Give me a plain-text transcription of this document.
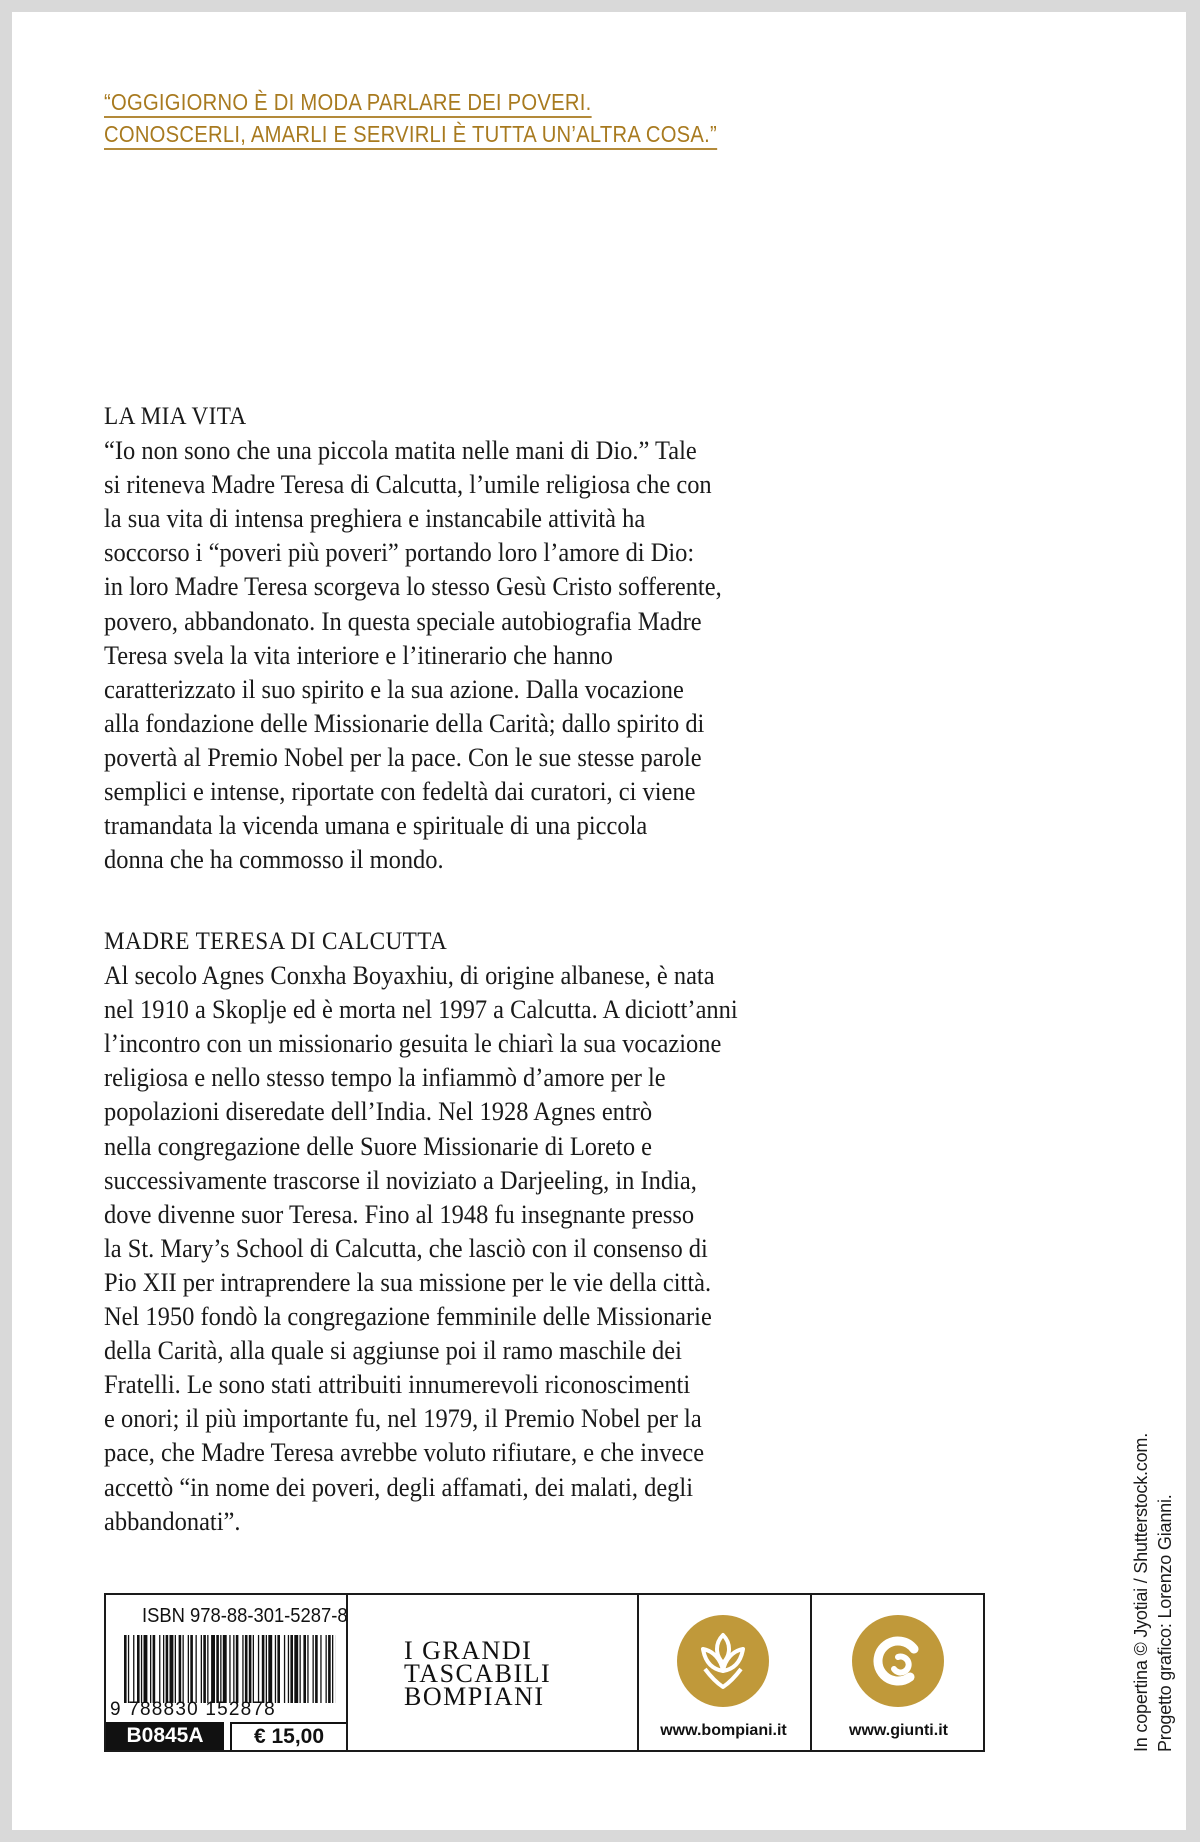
“OGGIGIORNO È DI MODA PARLARE DEI POVERI.
CONOSCERLI, AMARLI E SERVIRLI È TUTTA UN’ALTRA COSA.”
LA MIA VITA
“Io non sono che una piccola matita nelle mani di Dio.” Tale
si riteneva Madre Teresa di Calcutta, l’umile religiosa che con
la sua vita di intensa preghiera e instancabile attività ha
soccorso i “poveri più poveri” portando loro l’amore di Dio:
in loro Madre Teresa scorgeva lo stesso Gesù Cristo sofferente,
povero, abbandonato. In questa speciale autobiografia Madre
Teresa svela la vita interiore e l’itinerario che hanno
caratterizzato il suo spirito e la sua azione. Dalla vocazione
alla fondazione delle Missionarie della Carità; dallo spirito di
povertà al Premio Nobel per la pace. Con le sue stesse parole
semplici e intense, riportate con fedeltà dai curatori, ci viene
tramandata la vicenda umana e spirituale di una piccola
donna che ha commosso il mondo.
MADRE TERESA DI CALCUTTA
Al secolo Agnes Conxha Boyaxhiu, di origine albanese, è nata
nel 1910 a Skoplje ed è morta nel 1997 a Calcutta. A diciott’anni
l’incontro con un missionario gesuita le chiarì la sua vocazione
religiosa e nello stesso tempo la infiammò d’amore per le
popolazioni diseredate dell’India. Nel 1928 Agnes entrò
nella congregazione delle Suore Missionarie di Loreto e
successivamente trascorse il noviziato a Darjeeling, in India,
dove divenne suor Teresa. Fino al 1948 fu insegnante presso
la St. Mary’s School di Calcutta, che lasciò con il consenso di
Pio XII per intraprendere la sua missione per le vie della città.
Nel 1950 fondò la congregazione femminile delle Missionarie
della Carità, alla quale si aggiunse poi il ramo maschile dei
Fratelli. Le sono stati attribuiti innumerevoli riconoscimenti
e onori; il più importante fu, nel 1979, il Premio Nobel per la
pace, che Madre Teresa avrebbe voluto rifiutare, e che invece
accettò “in nome dei poveri, degli affamati, dei malati, degli
abbandonati”.	In copertina © Jyotiai / Shutterstock.com. Progetto grafico: Lorenzo Gianni.
ISBN 978-88-301-5287-8
9 788830 152878
B0845A	€ 15,00
I GRANDI
TASCABILI
BOMPIANI
www.bompiani.it	www.giunti.it
